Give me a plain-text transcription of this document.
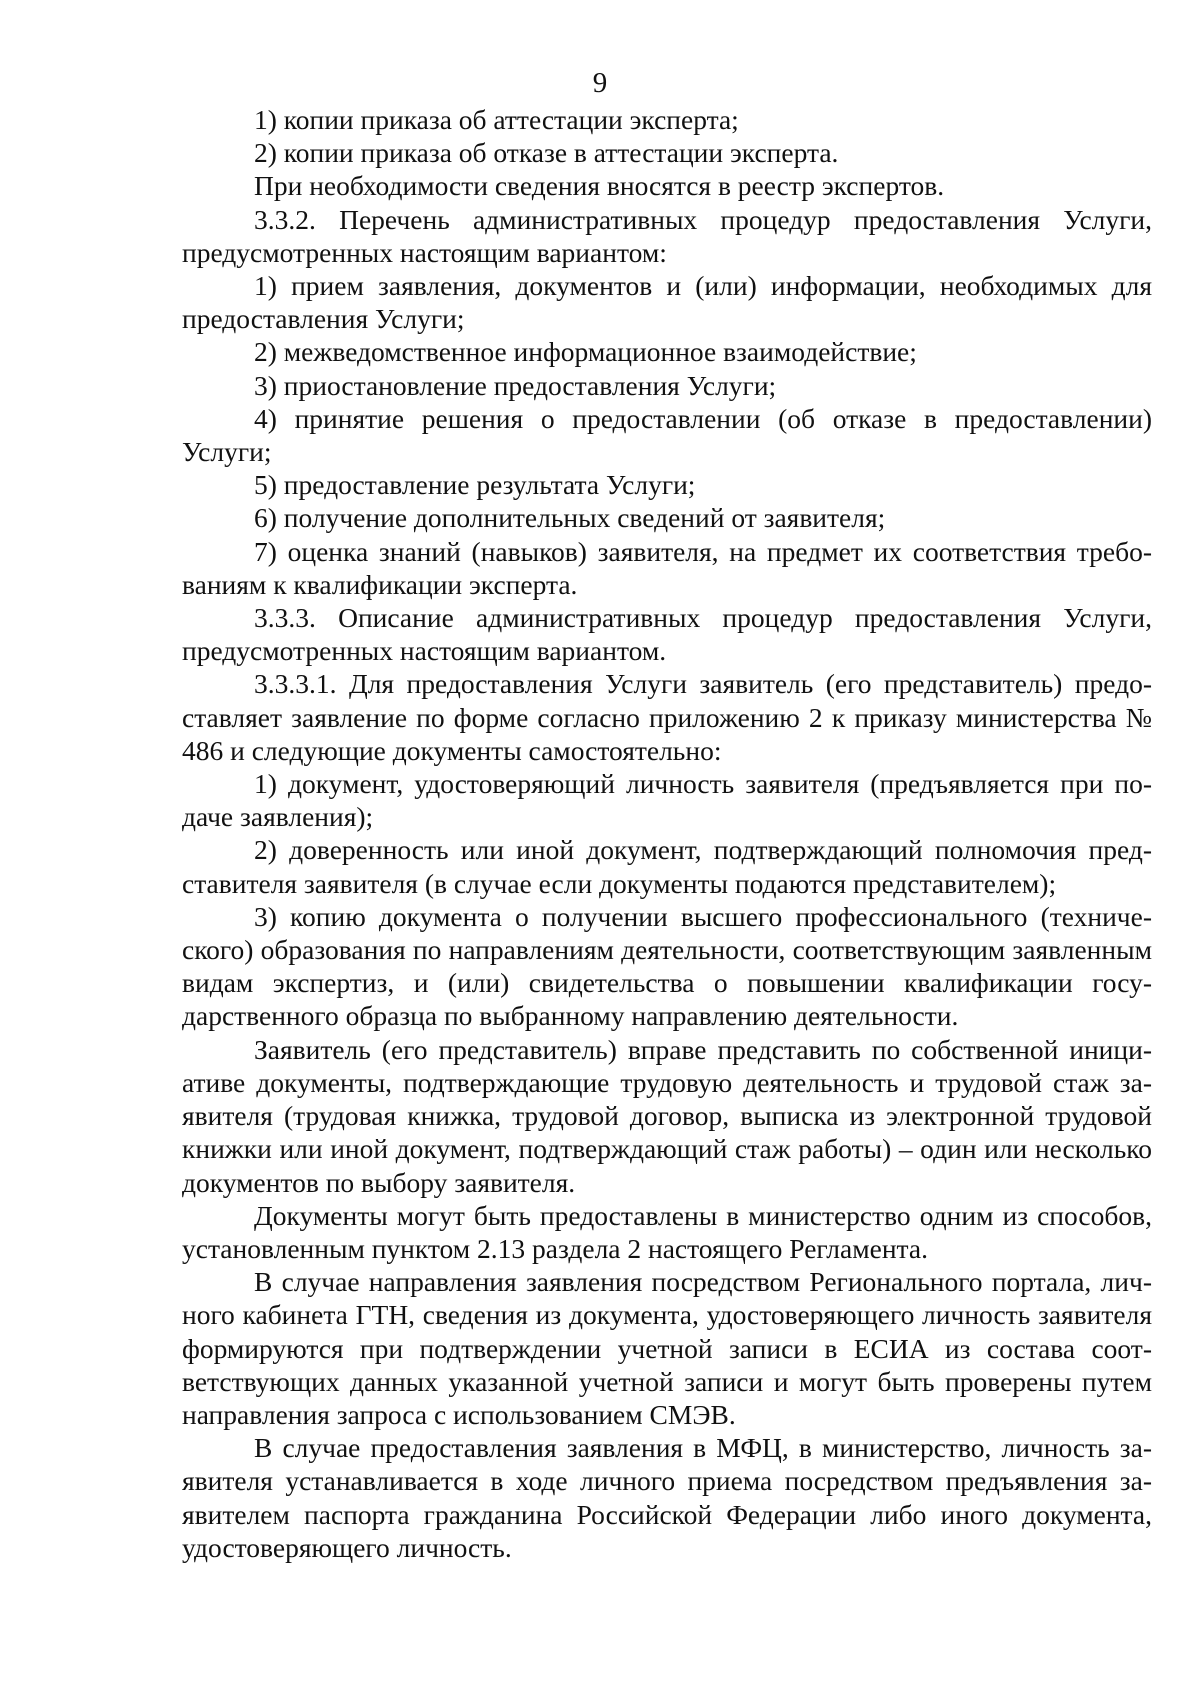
9

1) копии приказа об аттестации эксперта;

2) копии приказа об отказе в аттестации эксперта.

При необходимости сведения вносятся в реестр экспертов.

3.3.2. Перечень административных процедур предоставления Услуги, предусмотренных настоящим вариантом:

1) прием заявления, документов и (или) информации, необходимых для предоставления Услуги;

2) межведомственное информационное взаимодействие;

3) приостановление предоставления Услуги;

4) принятие решения о предоставлении (об отказе в предоставлении) Услуги;

5) предоставление результата Услуги;

6) получение дополнительных сведений от заявителя;

7) оценка знаний (навыков) заявителя, на предмет их соответствия требованиям к квалификации эксперта.

3.3.3. Описание административных процедур предоставления Услуги, предусмотренных настоящим вариантом.

3.3.3.1. Для предоставления Услуги заявитель (его представитель) предоставляет заявление по форме согласно приложению 2 к приказу министерства № 486 и следующие документы самостоятельно:

1) документ, удостоверяющий личность заявителя (предъявляется при подаче заявления);

2) доверенность или иной документ, подтверждающий полномочия представителя заявителя (в случае если документы подаются представителем);

3) копию документа о получении высшего профессионального (технического) образования по направлениям деятельности, соответствующим заявленным видам экспертиз, и (или) свидетельства о повышении квалификации государственного образца по выбранному направлению деятельности.

Заявитель (его представитель) вправе представить по собственной инициативе документы, подтверждающие трудовую деятельность и трудовой стаж заявителя (трудовая книжка, трудовой договор, выписка из электронной трудовой книжки или иной документ, подтверждающий стаж работы) – один или несколько документов по выбору заявителя.

Документы могут быть предоставлены в министерство одним из способов, установленным пунктом 2.13 раздела 2 настоящего Регламента.

В случае направления заявления посредством Регионального портала, личного кабинета ГТН, сведения из документа, удостоверяющего личность заявителя формируются при подтверждении учетной записи в ЕСИА из состава соответствующих данных указанной учетной записи и могут быть проверены путем направления запроса с использованием СМЭВ.

В случае предоставления заявления в МФЦ, в министерство, личность заявителя устанавливается в ходе личного приема посредством предъявления заявителем паспорта гражданина Российской Федерации либо иного документа, удостоверяющего личность.
